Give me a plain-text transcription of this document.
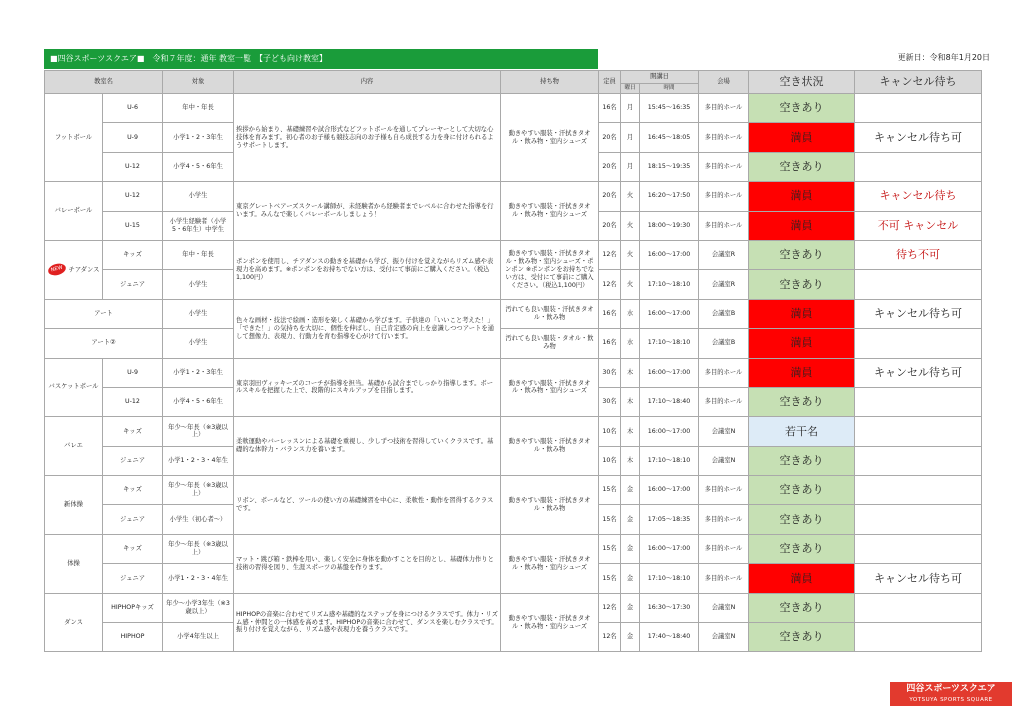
■四谷スポーツスクエア■　令和７年度：通年 教室一覧　【子ども向け教室】	更新日：令和8年1月20日
教室名		対象	内容	持ち物	定員	開講日		会場	空き状況	キャンセル待ち
						曜日	時間			
フットボール	U-6	年中・年長	挨拶から始まり、基礎練習や試合形式などフットボールを通してプレーヤーとして大切な心技体を育みます。初心者のお子様も競技志向のお子様も自ら成長する力を身に付けられるようサポートします。	動きやすい服装・汗拭きタオル・飲み物・室内シューズ	16名	月	15:45～16:35	多目的ホール	空きあり	
	U-9	小学1・2・3年生			20名	月	16:45～18:05	多目的ホール	満員	キャンセル待ち可
	U-12	小学4・5・6年生			20名	月	18:15～19:35	多目的ホール	空きあり	
バレーボール	U-12	小学生	東京グレートベアーズスクール講師が、未経験者から経験者までレベルに合わせた指導を行います。みんなで楽しくバレーボールしましょう！	動きやすい服装・汗拭きタオル・飲み物・室内シューズ	20名	火	16:20～17:50	多目的ホール	満員	キャンセル待ち
	U-15	小学生経験者（小学5・6年生）中学生			20名	火	18:00～19:30	多目的ホール	満員	不可 キャンセル
NEW チアダンス	キッズ	年中・年長	ポンポンを使用し、チアダンスの動きを基礎から学び、振り付けを覚えながらリズム感や表現力を高めます。※ポンポンをお持ちでない方は、受付にて事前にご購入ください。（税込1,100円）	動きやすい服装・汗拭きタオル・飲み物・室内シューズ・ポンポン ※ポンポンをお持ちでない方は、受付にて事前にご購入ください。（税込1,100円）	12名	火	16:00～17:00	会議室R	空きあり	待ち不可
	ジュニア	小学生			12名	火	17:10～18:10	会議室R	空きあり	
アート		小学生	色々な画材・技法で絵画・造形を楽しく基礎から学びます。子供達の「いいこと考えた！」「できた！」の気持ちを大切に、個性を伸ばし、自己肯定感の向上を意識しつつアートを通して想像力、表現力、行動力を育む指導を心がけて行います。	汚れても良い服装・汗拭きタオル・飲み物	16名	水	16:00～17:00	会議室B	満員	キャンセル待ち可
アート②		小学生		汚れても良い服装・タオル・飲み物	16名	水	17:10～18:10	会議室B	満員	
バスケットボール	U-9	小学1・2・3年生	東京羽田ヴィッキーズのコーチが指導を担当。基礎から試合までしっかり指導します。ボールスキルを把握した上で、段階的にスキルアップを目指します。	動きやすい服装・汗拭きタオル・飲み物・室内シューズ	30名	木	16:00～17:00	多目的ホール	満員	キャンセル待ち可
	U-12	小学4・5・6年生			30名	木	17:10～18:40	多目的ホール	空きあり	
バレエ	キッズ	年少～年長（※3歳以上）	柔軟運動やバーレッスンによる基礎を重視し、少しずつ技術を習得していくクラスです。基礎的な体幹力・バランス力を養います。	動きやすい服装・汗拭きタオル・飲み物	10名	木	16:00～17:00	会議室N	若干名	
	ジュニア	小学1・2・3・4年生			10名	木	17:10～18:10	会議室N	空きあり	
新体操	キッズ	年少～年長（※3歳以上）	リボン、ボールなど、ツールの使い方の基礎練習を中心に、柔軟性・動作を習得するクラスです。	動きやすい服装・汗拭きタオル・飲み物	15名	金	16:00～17:00	多目的ホール	空きあり	
	ジュニア	小学生（初心者～）			15名	金	17:05～18:35	多目的ホール	空きあり	
体操	キッズ	年少～年長（※3歳以上）	マット・跳び箱・鉄棒を用い、楽しく安全に身体を動かすことを目的とし、基礎体力作りと技術の習得を図り、生涯スポーツの基盤を作ります。	動きやすい服装・汗拭きタオル・飲み物・室内シューズ	15名	金	16:00～17:00	多目的ホール	空きあり	
	ジュニア	小学1・2・3・4年生			15名	金	17:10～18:10	多目的ホール	満員	キャンセル待ち可
ダンス	HIPHOPキッズ	年少～小学3年生（※3歳以上）	HIPHOPの音楽に合わせてリズム感や基礎的なステップを身につけるクラスです。体力・リズム感・仲間との一体感を高めます。HIPHOPの音楽に合わせて、ダンスを楽しむクラスです。振り付けを覚えながら、リズム感や表現力を養うクラスです。	動きやすい服装・汗拭きタオル・飲み物・室内シューズ	12名	金	16:30～17:30	会議室N	空きあり	
	HIPHOP	小学4年生以上			12名	金	17:40～18:40	会議室N	空きあり	
四谷スポーツスクエア
YOTSUYA SPORTS SQUARE
